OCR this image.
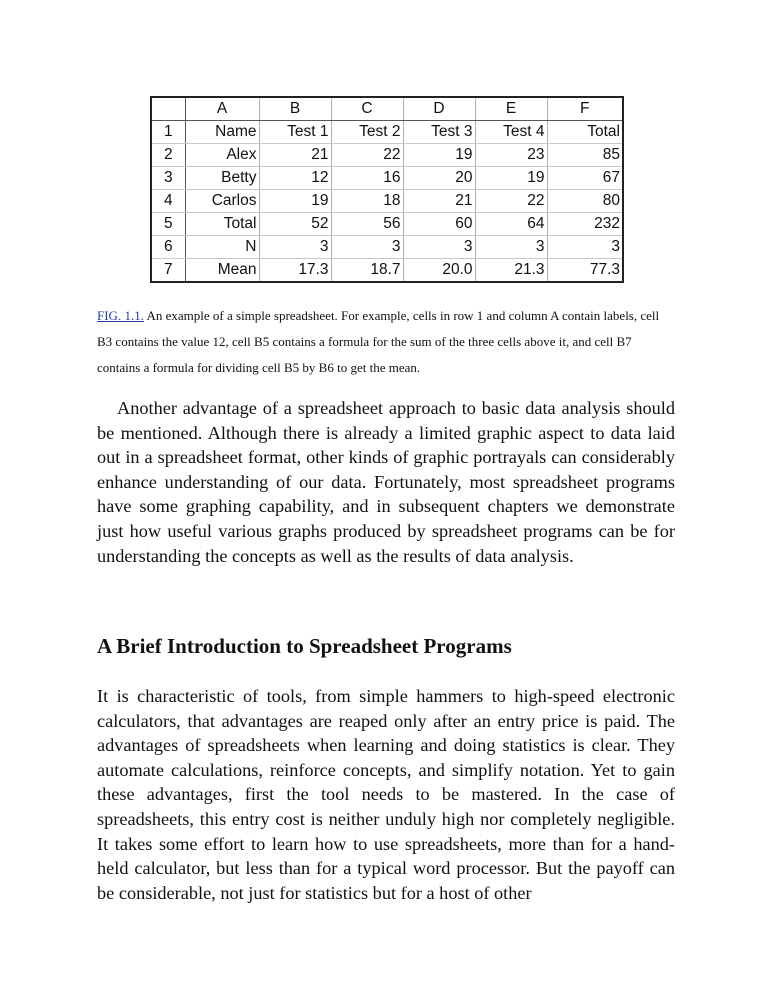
	A	B	C	D	E	F
1	Name	Test 1	Test 2	Test 3	Test 4	Total
2	Alex	21	22	19	23	85
3	Betty	12	16	20	19	67
4	Carlos	19	18	21	22	80
5	Total	52	56	60	64	232
6	N	3	3	3	3	3
7	Mean	17.3	18.7	20.0	21.3	77.3
FIG. 1.1. An example of a simple spreadsheet. For example, cells in row 1 and column A contain labels, cell B3 contains the value 12, cell B5 contains a formula for the sum of the three cells above it, and cell B7 contains a formula for dividing cell B5 by B6 to get the mean.

Another advantage of a spreadsheet approach to basic data analysis should be mentioned. Although there is already a limited graphic aspect to data laid out in a spreadsheet format, other kinds of graphic portrayals can considerably enhance understanding of our data. Fortunately, most spreadsheet programs have some graphing capability, and in subsequent chapters we demonstrate just how useful various graphs produced by spreadsheet programs can be for understanding the concepts as well as the results of data analysis.

A Brief Introduction to Spreadsheet Programs

It is characteristic of tools, from simple hammers to high-speed electronic calculators, that advantages are reaped only after an entry price is paid. The advantages of spreadsheets when learning and doing statistics is clear. They automate calculations, reinforce concepts, and simplify notation. Yet to gain these advantages, first the tool needs to be mastered. In the case of spreadsheets, this entry cost is neither unduly high nor completely negligible. It takes some effort to learn how to use spreadsheets, more than for a hand-held calculator, but less than for a typical word processor. But the payoff can be considerable, not just for statistics but for a host of other
